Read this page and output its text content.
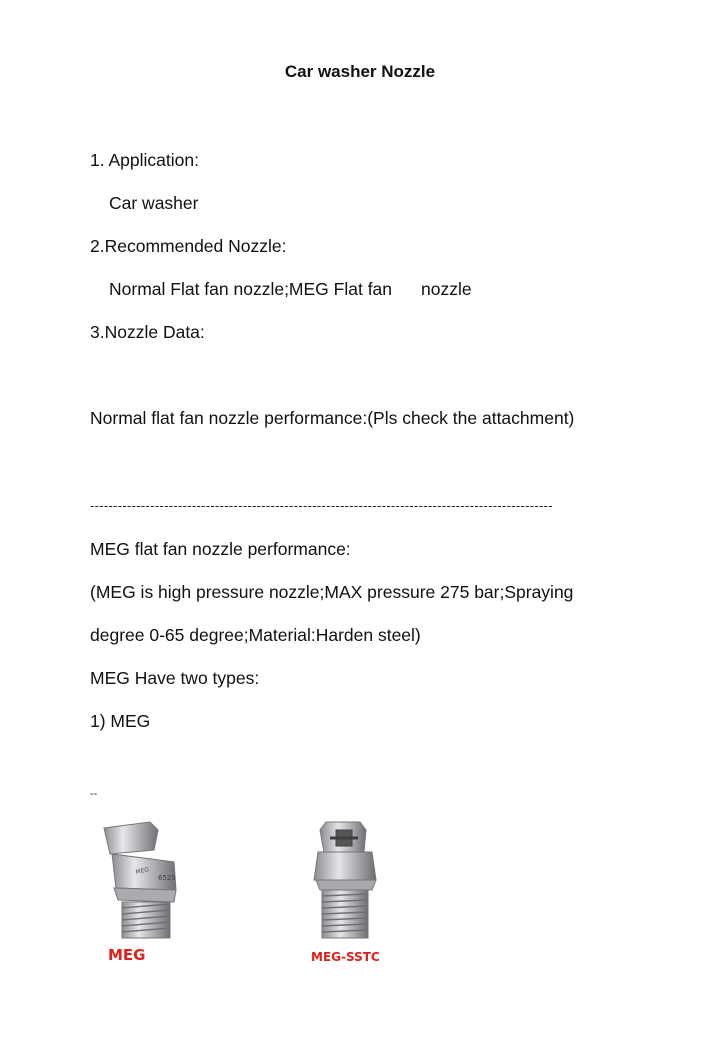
Car washer Nozzle
1. Application:
Car washer
2.Recommended Nozzle:
Normal Flat fan nozzle;MEG Flat fan nozzle
3.Nozzle Data:
Normal flat fan nozzle performance:(Pls check the attachment)
----------------------------------------------------------------------------------------------------
MEG flat fan nozzle performance:
(MEG is high pressure nozzle;MAX pressure 275 bar;Spraying
degree 0-65 degree;Material:Harden steel)
MEG Have two types:
1) MEG
--
MEG
6525
MEG	MEG-SSTC
